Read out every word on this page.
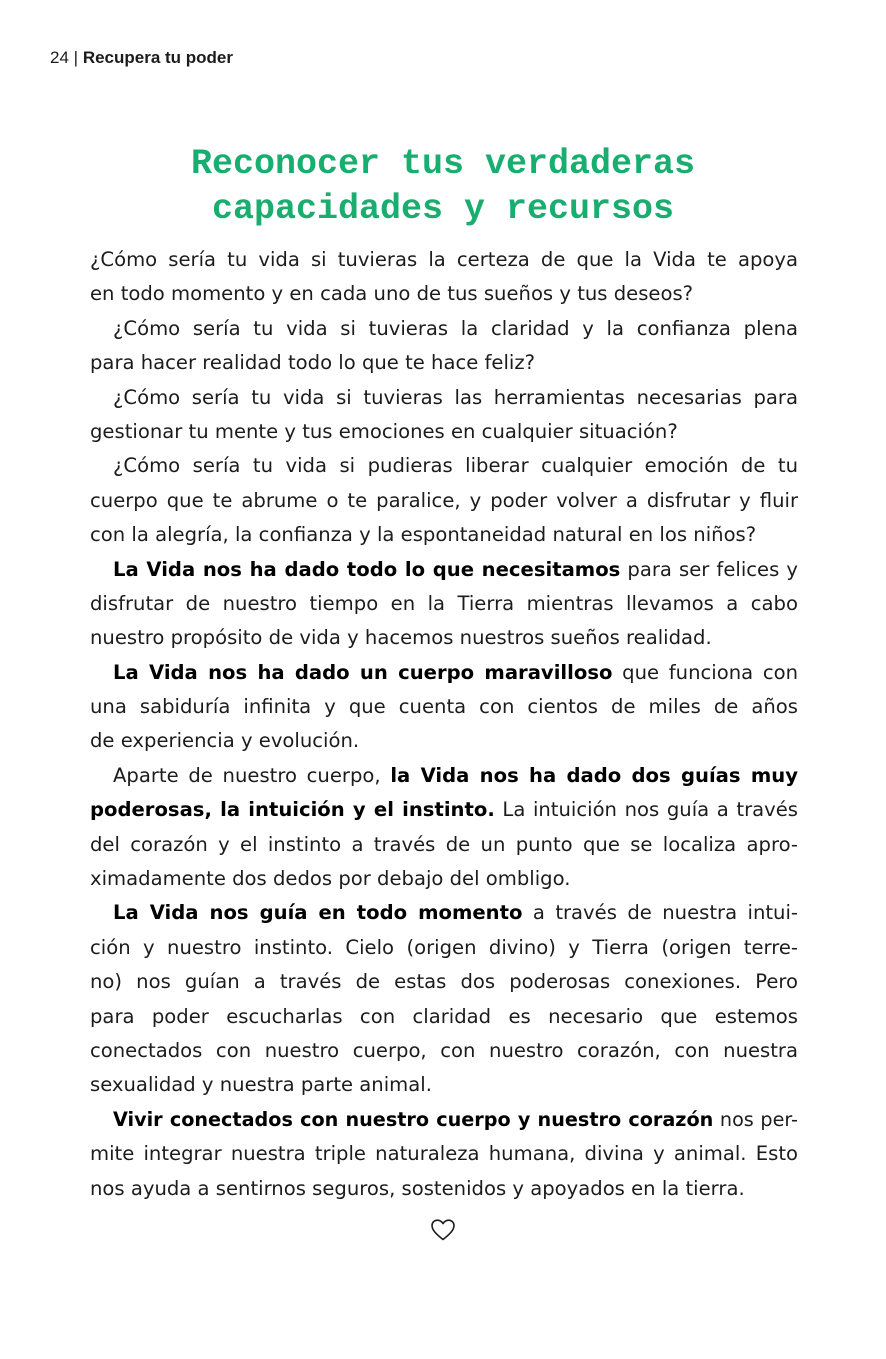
24 | Recupera tu poder
Reconocer tus verdaderas
capacidades y recursos
¿Cómo sería tu vida si tuvieras la certeza de que la Vida te apoya
en todo momento y en cada uno de tus sueños y tus deseos?
¿Cómo sería tu vida si tuvieras la claridad y la confianza plena
para hacer realidad todo lo que te hace feliz?
¿Cómo sería tu vida si tuvieras las herramientas necesarias para
gestionar tu mente y tus emociones en cualquier situación?
¿Cómo sería tu vida si pudieras liberar cualquier emoción de tu
cuerpo que te abrume o te paralice, y poder volver a disfrutar y fluir
con la alegría, la confianza y la espontaneidad natural en los niños?
La Vida nos ha dado todo lo que necesitamos para ser felices y
disfrutar de nuestro tiempo en la Tierra mientras llevamos a cabo
nuestro propósito de vida y hacemos nuestros sueños realidad.
La Vida nos ha dado un cuerpo maravilloso que funciona con
una sabiduría infinita y que cuenta con cientos de miles de años
de experiencia y evolución.
Aparte de nuestro cuerpo, la Vida nos ha dado dos guías muy
poderosas, la intuición y el instinto. La intuición nos guía a través
del corazón y el instinto a través de un punto que se localiza apro-
ximadamente dos dedos por debajo del ombligo.
La Vida nos guía en todo momento a través de nuestra intui-
ción y nuestro instinto. Cielo (origen divino) y Tierra (origen terre-
no) nos guían a través de estas dos poderosas conexiones. Pero
para poder escucharlas con claridad es necesario que estemos
conectados con nuestro cuerpo, con nuestro corazón, con nuestra
sexualidad y nuestra parte animal.
Vivir conectados con nuestro cuerpo y nuestro corazón nos per-
mite integrar nuestra triple naturaleza humana, divina y animal. Esto
nos ayuda a sentirnos seguros, sostenidos y apoyados en la tierra.
